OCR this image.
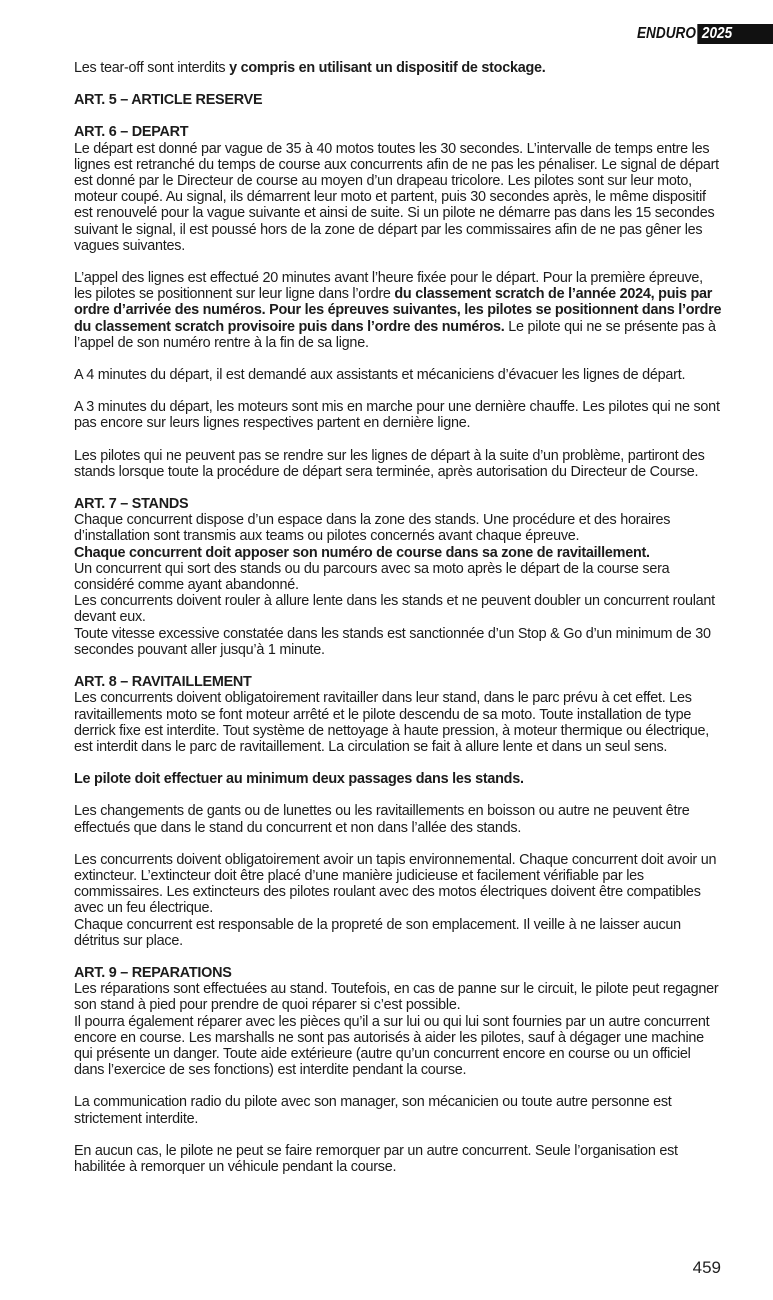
ENDURO 2025

Les tear-off sont interdits y compris en utilisant un dispositif de stockage.

ART. 5 – ARTICLE RESERVE

ART. 6 – DEPART

Le départ est donné par vague de 35 à 40 motos toutes les 30 secondes. L’intervalle de temps entre les lignes est retranché du temps de course aux concurrents afin de ne pas les pénaliser. Le signal de départ est donné par le Directeur de course au moyen d’un drapeau tricolore. Les pilotes sont sur leur moto, moteur coupé. Au signal, ils démarrent leur moto et partent, puis 30 secondes après, le même dispositif est renouvelé pour la vague suivante et ainsi de suite. Si un pilote ne démarre pas dans les 15 secondes suivant le signal, il est poussé hors de la zone de départ par les commissaires afin de ne pas gêner les vagues suivantes.

L’appel des lignes est effectué 20 minutes avant l’heure fixée pour le départ. Pour la première épreuve, les pilotes se positionnent sur leur ligne dans l’ordre du classement scratch de l’année 2024, puis par ordre d’arrivée des numéros. Pour les épreuves suivantes, les pilotes se positionnent dans l’ordre du classement scratch provisoire puis dans l’ordre des numéros. Le pilote qui ne se présente pas à l’appel de son numéro rentre à la fin de sa ligne.

A 4 minutes du départ, il est demandé aux assistants et mécaniciens d’évacuer les lignes de départ.

A 3 minutes du départ, les moteurs sont mis en marche pour une dernière chauffe. Les pilotes qui ne sont pas encore sur leurs lignes respectives partent en dernière ligne.

Les pilotes qui ne peuvent pas se rendre sur les lignes de départ à la suite d’un problème, partiront des stands lorsque toute la procédure de départ sera terminée, après autorisation du Directeur de Course.

ART. 7 – STANDS

Chaque concurrent dispose d’un espace dans la zone des stands. Une procédure et des horaires d’installation sont transmis aux teams ou pilotes concernés avant chaque épreuve.

Chaque concurrent doit apposer son numéro de course dans sa zone de ravitaillement.

Un concurrent qui sort des stands ou du parcours avec sa moto après le départ de la course sera considéré comme ayant abandonné.

Les concurrents doivent rouler à allure lente dans les stands et ne peuvent doubler un concurrent roulant devant eux.

Toute vitesse excessive constatée dans les stands est sanctionnée d’un Stop & Go d’un minimum de 30 secondes pouvant aller jusqu’à 1 minute.

ART. 8 – RAVITAILLEMENT

Les concurrents doivent obligatoirement ravitailler dans leur stand, dans le parc prévu à cet effet. Les ravitaillements moto se font moteur arrêté et le pilote descendu de sa moto. Toute installation de type derrick fixe est interdite. Tout système de nettoyage à haute pression, à moteur thermique ou électrique, est interdit dans le parc de ravitaillement. La circulation se fait à allure lente et dans un seul sens.

Le pilote doit effectuer au minimum deux passages dans les stands.

Les changements de gants ou de lunettes ou les ravitaillements en boisson ou autre ne peuvent être effectués que dans le stand du concurrent et non dans l’allée des stands.

Les concurrents doivent obligatoirement avoir un tapis environnemental. Chaque concurrent doit avoir un extincteur. L’extincteur doit être placé d’une manière judicieuse et facilement vérifiable par les commissaires. Les extincteurs des pilotes roulant avec des motos électriques doivent être compatibles avec un feu électrique.

Chaque concurrent est responsable de la propreté de son emplacement. Il veille à ne laisser aucun détritus sur place.

ART. 9 – REPARATIONS

Les réparations sont effectuées au stand. Toutefois, en cas de panne sur le circuit, le pilote peut regagner son stand à pied pour prendre de quoi réparer si c’est possible.

Il pourra également réparer avec les pièces qu’il a sur lui ou qui lui sont fournies par un autre concurrent encore en course. Les marshalls ne sont pas autorisés à aider les pilotes, sauf à dégager une machine qui présente un danger. Toute aide extérieure (autre qu’un concurrent encore en course ou un officiel dans l’exercice de ses fonctions) est interdite pendant la course.

La communication radio du pilote avec son manager, son mécanicien ou toute autre personne est strictement interdite.

En aucun cas, le pilote ne peut se faire remorquer par un autre concurrent. Seule l’organisation est habilitée à remorquer un véhicule pendant la course.

459
